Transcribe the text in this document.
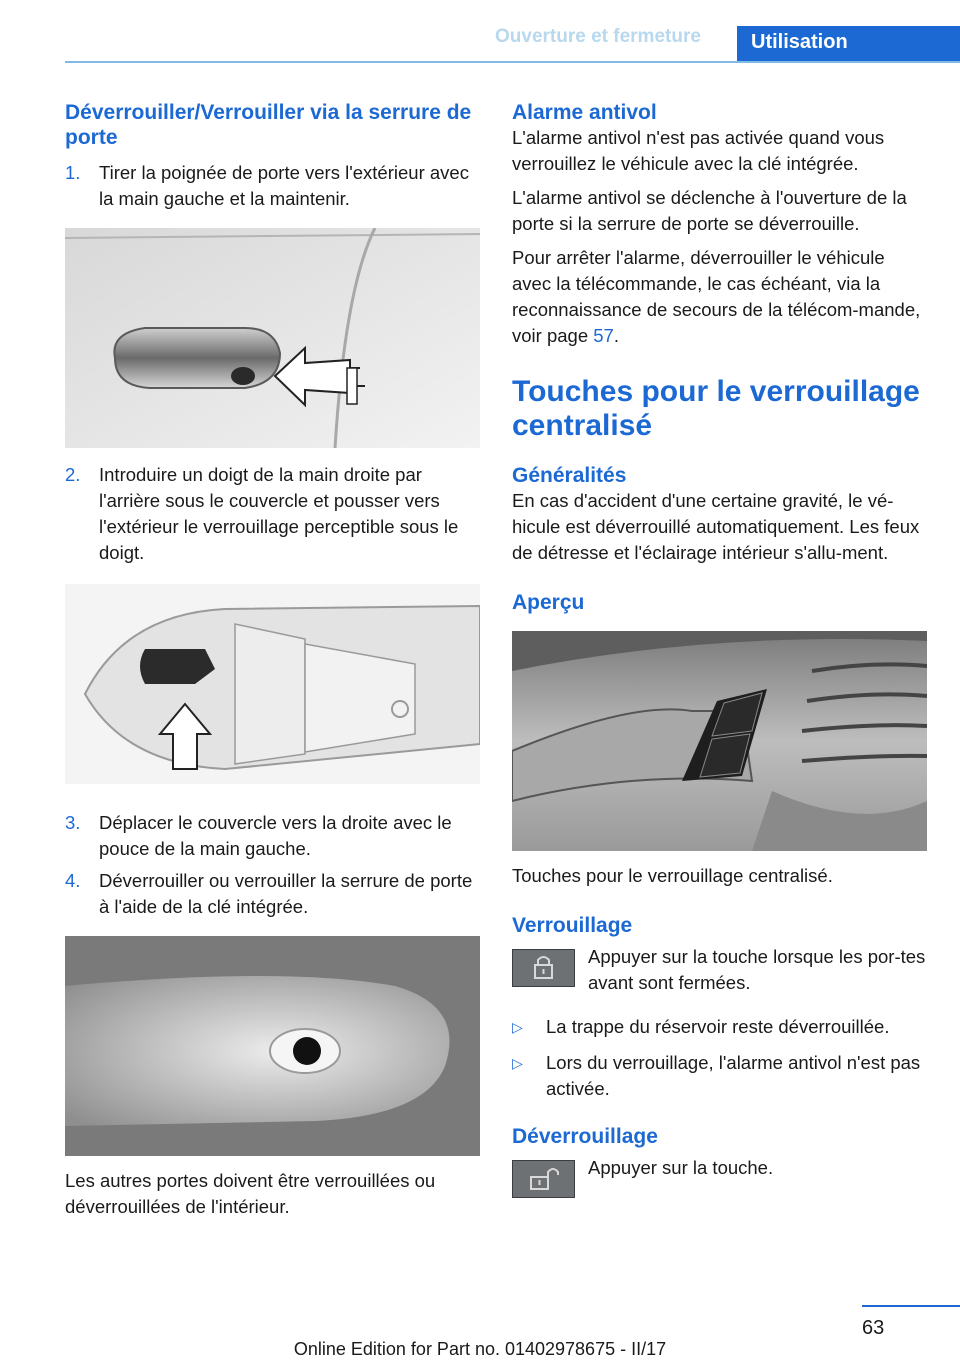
Ouverture et fermeture	Utilisation
Déverrouiller/Verrouiller via la serrure de porte
1. Tirer la poignée de porte vers l'extérieur avec la main gauche et la maintenir.
2. Introduire un doigt de la main droite par l'arrière sous le couvercle et pousser vers l'extérieur le verrouillage perceptible sous le doigt.
3. Déplacer le couvercle vers la droite avec le pouce de la main gauche.
4. Déverrouiller ou verrouiller la serrure de porte à l'aide de la clé intégrée.

Les autres portes doivent être verrouillées ou déverrouillées de l'intérieur.

Alarme antivol

L'alarme antivol n'est pas activée quand vous verrouillez le véhicule avec la clé intégrée.

L'alarme antivol se déclenche à l'ouverture de la porte si la serrure de porte se déverrouille.

Pour arrêter l'alarme, déverrouiller le véhicule avec la télécommande, le cas échéant, via la reconnaissance de secours de la télécom‐mande, voir page 57.

Touches pour le verrouillage centralisé
Généralités

En cas d'accident d'une certaine gravité, le vé‐hicule est déverrouillé automatiquement. Les feux de détresse et l'éclairage intérieur s'allu‐ment.

Aperçu

Touches pour le verrouillage centralisé.

Verrouillage
Appuyer sur la touche lorsque les por‐tes avant sont fermées.
▷ La trappe du réservoir reste déverrouillée.
▷ Lors du verrouillage, l'alarme antivol n'est pas activée.
Déverrouillage
Appuyer sur la touche.
63
Online Edition for Part no. 01402978675 - II/17
